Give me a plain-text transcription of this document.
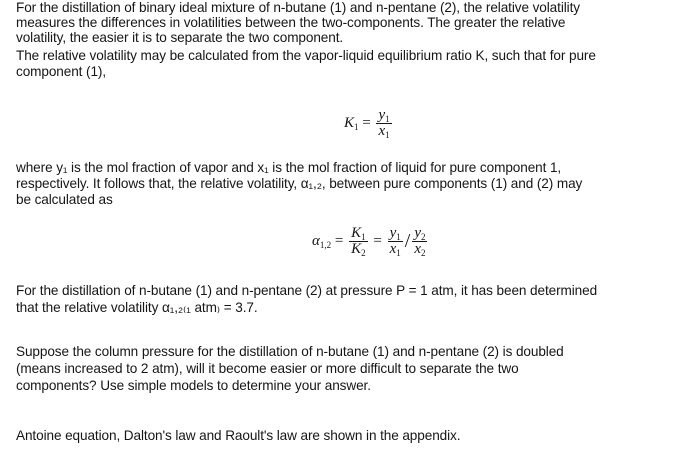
For the distillation of binary ideal mixture of n-butane (1) and n-pentane (2), the relative volatility
measures the differences in volatilities between the two-components. The greater the relative
volatility, the easier it is to separate the two component.
The relative volatility may be calculated from the vapor-liquid equilibrium ratio K, such that for pure
component (1),
$K_1 = \frac{y_1}{x_1}$
where y₁ is the mol fraction of vapor and x₁ is the mol fraction of liquid for pure component 1,
respectively. It follows that, the relative volatility, α₁,₂, between pure components (1) and (2) may
be calculated as
$\alpha_{1,2} = \frac{K_1}{K_2} = \frac{y_1}{x_1} / \frac{y_2}{x_2}$
For the distillation of n-butane (1) and n-pentane (2) at pressure P = 1 atm, it has been determined
that the relative volatility α₁,₂₍₁ atm₎ = 3.7.
Suppose the column pressure for the distillation of n-butane (1) and n-pentane (2) is doubled
(means increased to 2 atm), will it become easier or more difficult to separate the two
components? Use simple models to determine your answer.
Antoine equation, Dalton's law and Raoult's law are shown in the appendix.
